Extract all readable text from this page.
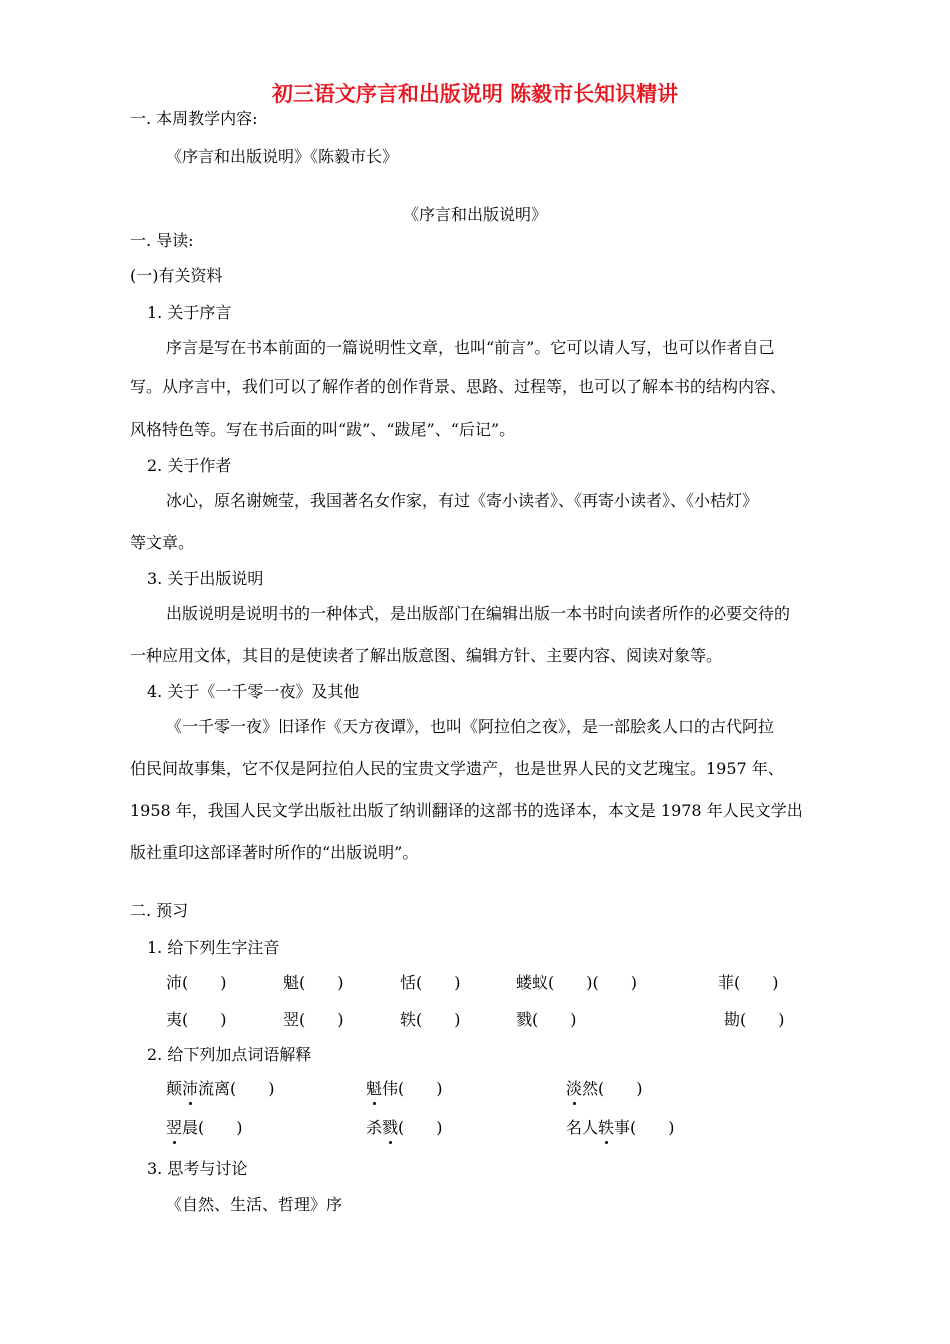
初三语文序言和出版说明 陈毅市长知识精讲
一. 本周教学内容:
《序言和出版说明》《陈毅市长》
《序言和出版说明》
一. 导读:
(一)有关资料
1. 关于序言
序言是写在书本前面的一篇说明性文章，也叫“前言”。它可以请人写，也可以作者自己
写。从序言中，我们可以了解作者的创作背景、思路、过程等，也可以了解本书的结构内容、
风格特色等。写在书后面的叫“跋”、“跋尾”、“后记”。
2. 关于作者
冰心，原名谢婉莹，我国著名女作家，有过《寄小读者》、《再寄小读者》、《小桔灯》
等文章。
3. 关于出版说明
出版说明是说明书的一种体式，是出版部门在编辑出版一本书时向读者所作的必要交待的
一种应用文体，其目的是使读者了解出版意图、编辑方针、主要内容、阅读对象等。
4. 关于《一千零一夜》及其他
《一千零一夜》旧译作《天方夜谭》，也叫《阿拉伯之夜》，是一部脍炙人口的古代阿拉
伯民间故事集，它不仅是阿拉伯人民的宝贵文学遗产，也是世界人民的文艺瑰宝。1957 年、
1958 年，我国人民文学出版社出版了纳训翻译的这部书的选译本，本文是 1978 年人民文学出
版社重印这部译著时所作的“出版说明”。
二. 预习
1. 给下列生字注音
沛(　　)	魁(　　)	恬(　　)	蝼蚁(　　)(　　)	菲(　　)
夷(　　)	翌(　　)	轶(　　)	戮(　　)	勘(　　)
2. 给下列加点词语解释
颠沛流离(　　)	魁伟(　　)	淡然(　　)
翌晨(　　)	杀戮(　　)	名人轶事(　　)
3. 思考与讨论
《自然、生活、哲理》序
